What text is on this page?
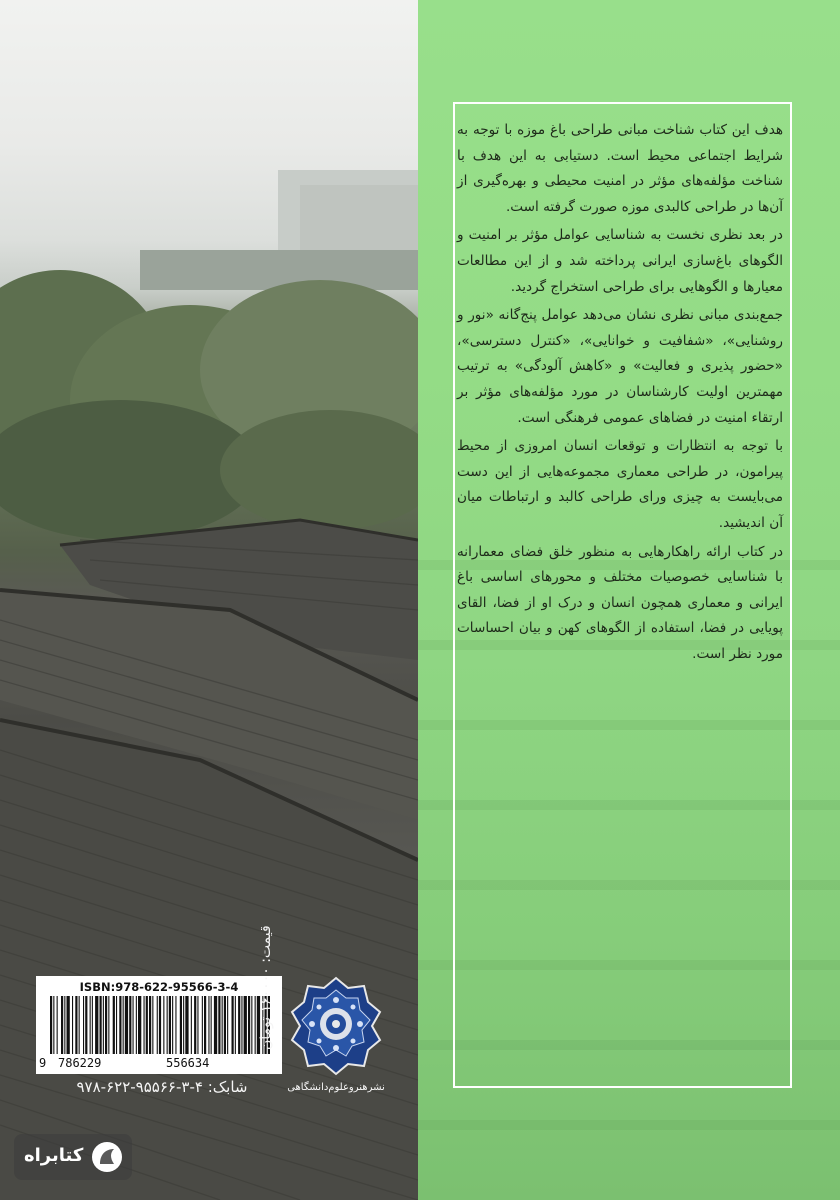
هدف این کتاب شناخت مبانی طراحی باغ موزه با توجه به شرایط اجتماعی محیط است. دستیابی به این هدف با شناخت مؤلفه‌های مؤثر در امنیت محیطی و بهره‌گیری از آن‌ها در طراحی کالبدی موزه صورت گرفته است.

در بعد نظری نخست به شناسایی عوامل مؤثر بر امنیت و الگوهای باغ‌سازی ایرانی پرداخته شد و از این مطالعات معیارها و الگوهایی برای طراحی استخراج گردید.

جمع‌بندی مبانی نظری نشان می‌دهد عوامل پنج‌گانه «نور و روشنایی»، «شفافیت و خوانایی»، «کنترل دسترسی»، «حضور پذیری و فعالیت» و «کاهش آلودگی» به ترتیب مهمترین اولیت کارشناسان در مورد مؤلفه‌های مؤثر بر ارتقاء امنیت در فضاهای عمومی فرهنگی است.

با توجه به انتظارات و توقعات انسان امروزی از محیط پیرامون، در طراحی معماری مجموعه‌هایی از این دست می‌بایست به چیزی ورای طراحی کالبد و ارتباطات میان آن اندیشید.

در کتاب ارائه راهکارهایی به منظور خلق فضای معمارانه با شناسایی خصوصیات مختلف و محورهای اساسی باغ ایرانی و معماری همچون انسان و درک او از فضا، القای پویایی در فضا، استفاده از الگوهای کهن و بیان احساسات مورد نظر است.

ISBN:978-622-95566-3-4
9 786229	556634
قیمت: ۱۶۰۰۰۰ تومان
شابک: ۴-۳-۹۵۵۶۶-۶۲۲-۹۷۸	نشرهنروعلوم‌دانشگاهی
کتابراه
